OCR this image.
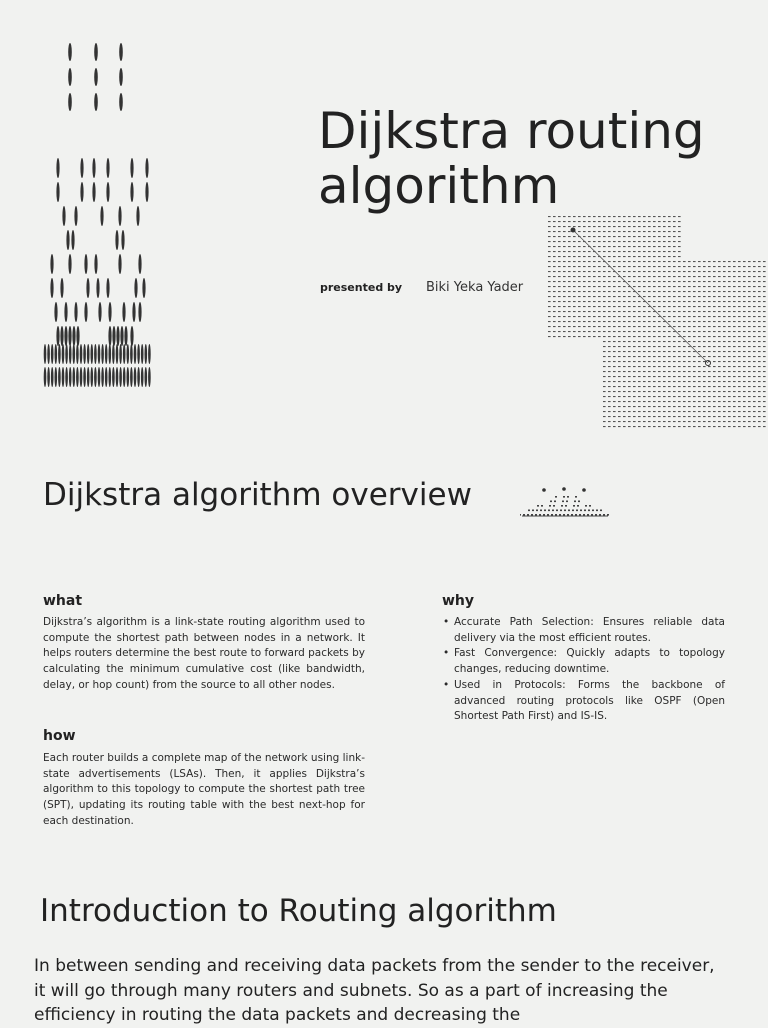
Dijkstra routing algorithm
presented by Biki Yeka Yader
Dijkstra algorithm overview
what

Dijkstra’s algorithm is a link-state routing algorithm used to compute the shortest path between nodes in a network. It helps routers determine the best route to forward packets by calculating the minimum cumulative cost (like bandwidth, delay, or hop count) from the source to all other nodes.

how

Each router builds a complete map of the network using link-state advertisements (LSAs). Then, it applies Dijkstra’s algorithm to this topology to compute the shortest path tree (SPT), updating its routing table with the best next-hop for each destination.

why
• Accurate Path Selection: Ensures reliable data delivery via the most efficient routes.
• Fast Convergence: Quickly adapts to topology changes, reducing downtime.
• Used in Protocols: Forms the backbone of advanced routing protocols like OSPF (Open Shortest Path First) and IS-IS.
Introduction to Routing algorithm

In between sending and receiving data packets from the sender to the receiver, it will go through many routers and subnets. So as a part of increasing the efficiency in routing the data packets and decreasing the
